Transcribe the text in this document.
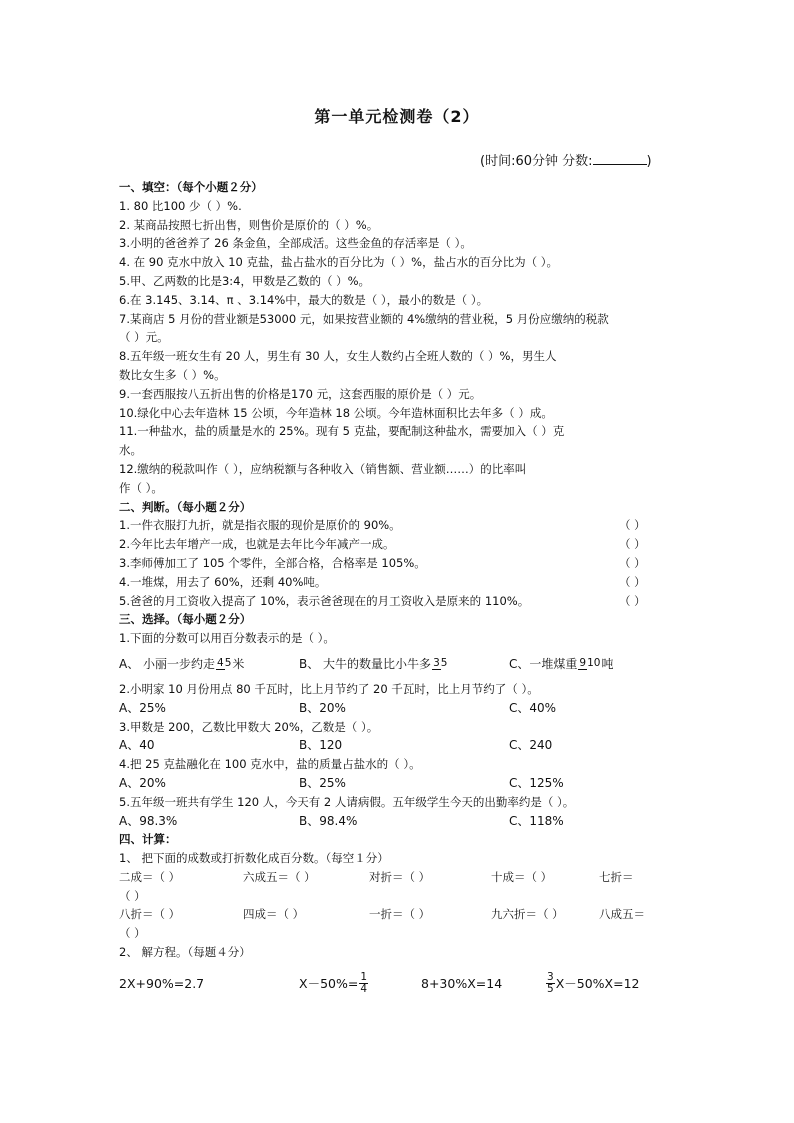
第一单元检测卷（2）
(时间:60分钟 分数:	)
一、填空：（每个小题２分）
1. 80 比100 少（ ）%.
2. 某商品按照七折出售，则售价是原价的（ ）%。
3.小明的爸爸养了 26 条金鱼，全部成活。这些金鱼的存活率是（ ）。
4. 在 90 克水中放入 10 克盐，盐占盐水的百分比为（ ）%，盐占水的百分比为（ ）。
5.甲、乙两数的比是3:4，甲数是乙数的（ ）%。
6.在 3.145、3.14、π 、3.14%中，最大的数是（ ），最小的数是（ ）。
7.某商店 5 月份的营业额是53000 元，如果按营业额的 4%缴纳的营业税，5 月份应缴纳的税款
（ ）元。
8.五年级一班女生有 20 人，男生有 30 人，女生人数约占全班人数的（ ）%，男生人
数比女生多（ ）%。
9.一套西服按八五折出售的价格是170 元，这套西服的原价是（ ）元。
10.绿化中心去年造林 15 公顷，今年造林 18 公顷。今年造林面积比去年多（ ）成。
11.一种盐水，盐的质量是水的 25%。现有 5 克盐，要配制这种盐水，需要加入（ ）克
水。
12.缴纳的税款叫作（ ），应纳税额与各种收入（销售额、营业额……）的比率叫
作（ ）。
二、判断。（每小题２分）
1.一件衣服打九折，就是指衣服的现价是原价的 90%。	（ ）
2.今年比去年增产一成，也就是去年比今年减产一成。	（ ）
3.李师傅加工了 105 个零件，全部合格，合格率是 105%。	（ ）
4.一堆煤，用去了 60%，还剩 40%吨。	（ ）
5.爸爸的月工资收入提高了 10%，表示爸爸现在的月工资收入是原来的 110%。	（ ）
三、选择。（每小题２分）
1.下面的分数可以用百分数表示的是（ ）。
A、 小丽一步约走 45米	B、 大牛的数量比小牛多 35	C、一堆煤重 910吨
2.小明家 10 月份用点 80 千瓦时，比上月节约了 20 千瓦时，比上月节约了（ ）。
A、25%	B、20%	C、40%
3.甲数是 200，乙数比甲数大 20%，乙数是（ ）。
A、40	B、120	C、240
4.把 25 克盐融化在 100 克水中，盐的质量占盐水的（ ）。
A、20%	B、25%	C、125%
5.五年级一班共有学生 120 人，今天有 2 人请病假。五年级学生今天的出勤率约是（ ）。
A、98.3%	B、98.4%	C、118%
四、计算：
1、 把下面的成数或打折数化成百分数。（每空１分）
二成＝（ ）	六成五＝（ ）	对折＝（ ）	十成＝（ ）	七折＝
（ ）
八折＝（ ）	四成＝（ ）	一折＝（ ）	九六折＝（ ）	八成五＝
（ ）
2、 解方程。（每题４分）
2X+90%=2.7	$X-50\%= \frac{1}{4}$	8+30%X=14	$\frac{3}{5} X-50\%X=12$
